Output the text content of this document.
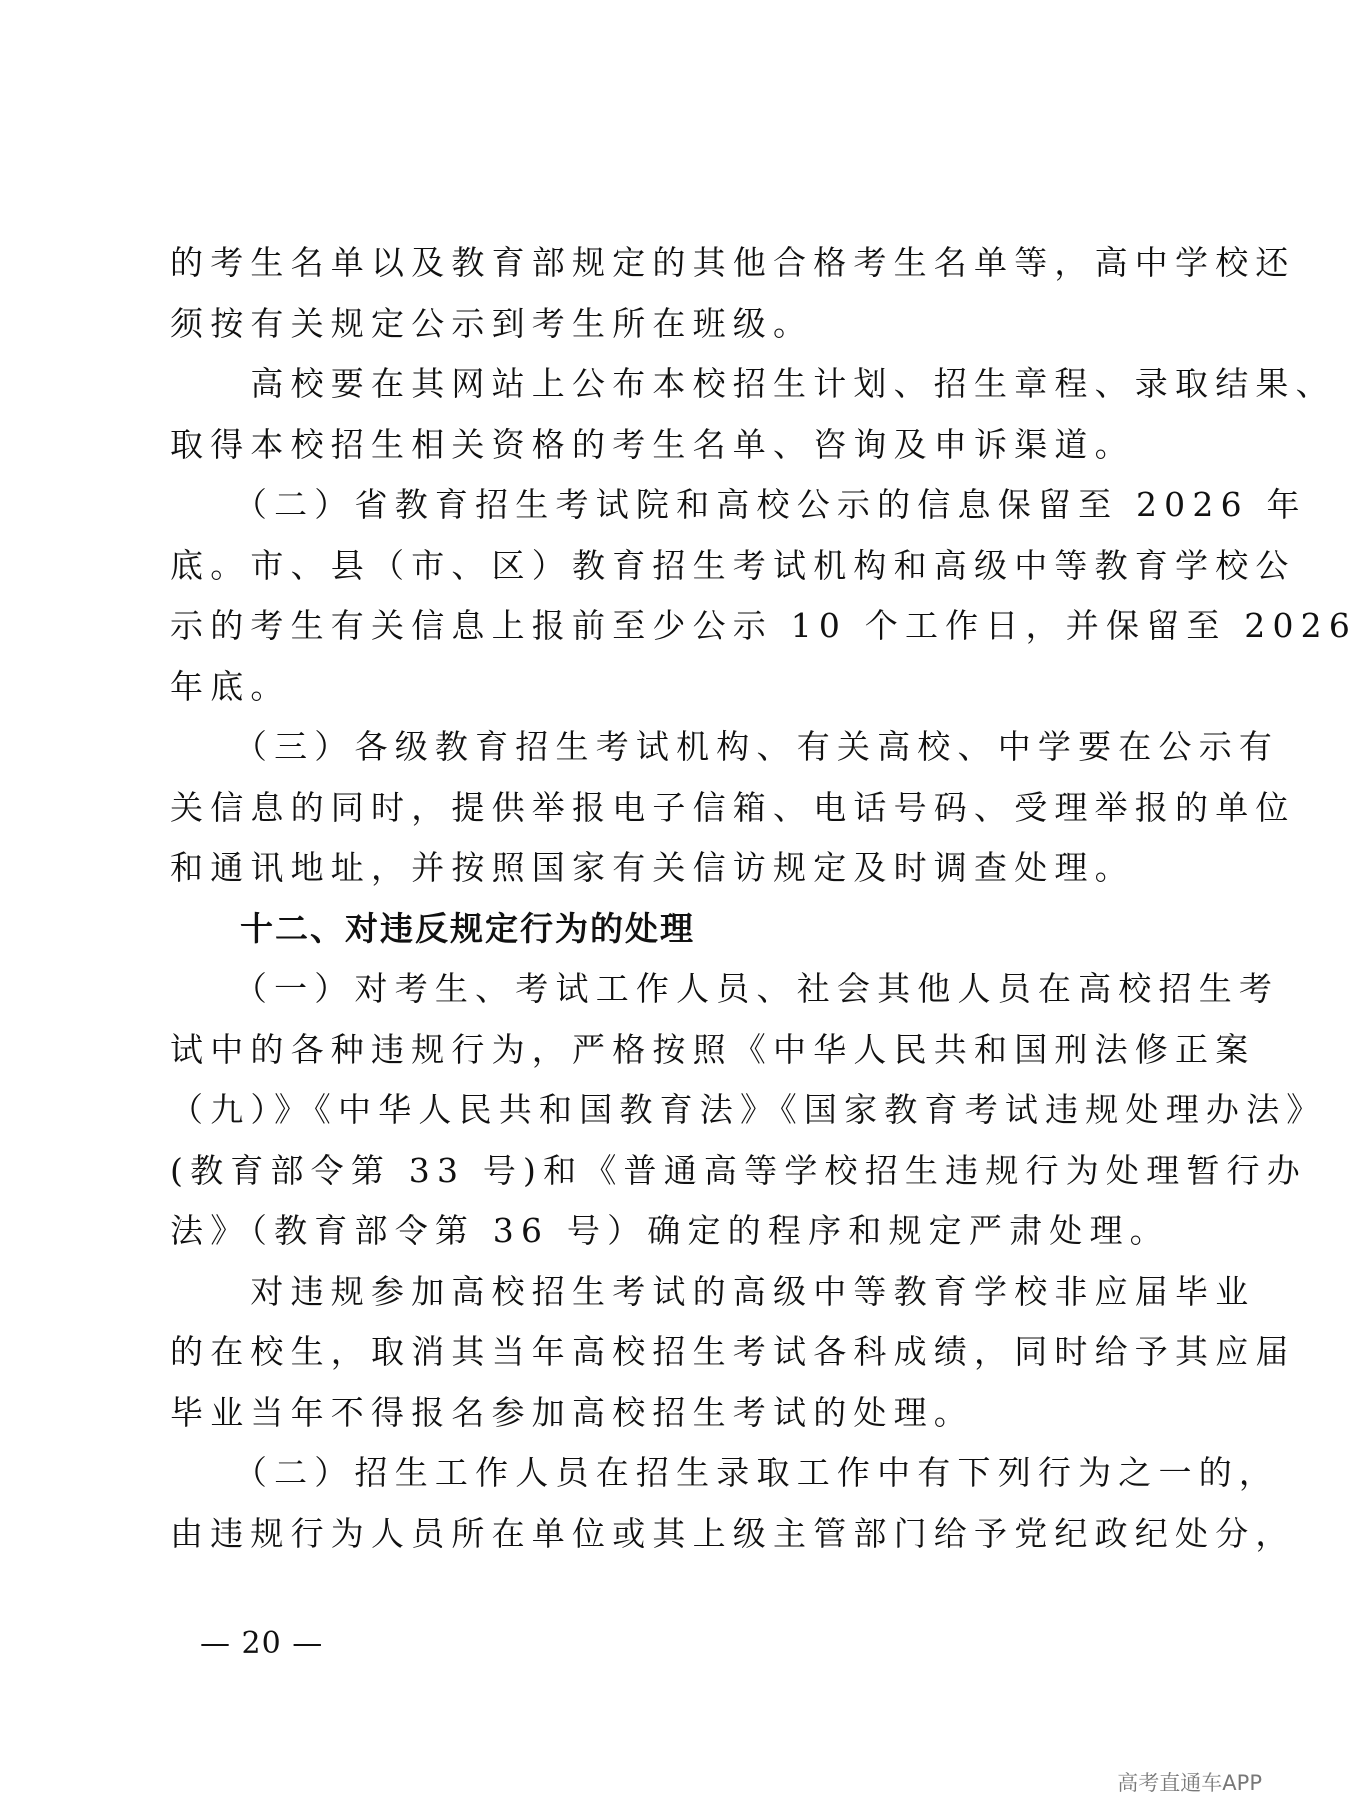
的考生名单以及教育部规定的其他合格考生名单等，高中学校还
须按有关规定公示到考生所在班级。
　　高校要在其网站上公布本校招生计划、招生章程、录取结果、
取得本校招生相关资格的考生名单、咨询及申诉渠道。
　　（二）省教育招生考试院和高校公示的信息保留至 2026 年
底。市、县（市、区）教育招生考试机构和高级中等教育学校公
示的考生有关信息上报前至少公示 10 个工作日，并保留至 2026
年底。
　　（三）各级教育招生考试机构、有关高校、中学要在公示有
关信息的同时，提供举报电子信箱、电话号码、受理举报的单位
和通讯地址，并按照国家有关信访规定及时调查处理。
　　十二、对违反规定行为的处理
　　（一）对考生、考试工作人员、社会其他人员在高校招生考
试中的各种违规行为，严格按照《中华人民共和国刑法修正案
（九）》《中华人民共和国教育法》《国家教育考试违规处理办法》
(教育部令第 33 号)和《普通高等学校招生违规行为处理暂行办
法》（教育部令第 36 号）确定的程序和规定严肃处理。
　　对违规参加高校招生考试的高级中等教育学校非应届毕业
的在校生，取消其当年高校招生考试各科成绩，同时给予其应届
毕业当年不得报名参加高校招生考试的处理。
　　（二）招生工作人员在招生录取工作中有下列行为之一的，
由违规行为人员所在单位或其上级主管部门给予党纪政纪处分，
— 20 —
高考直通车APP
